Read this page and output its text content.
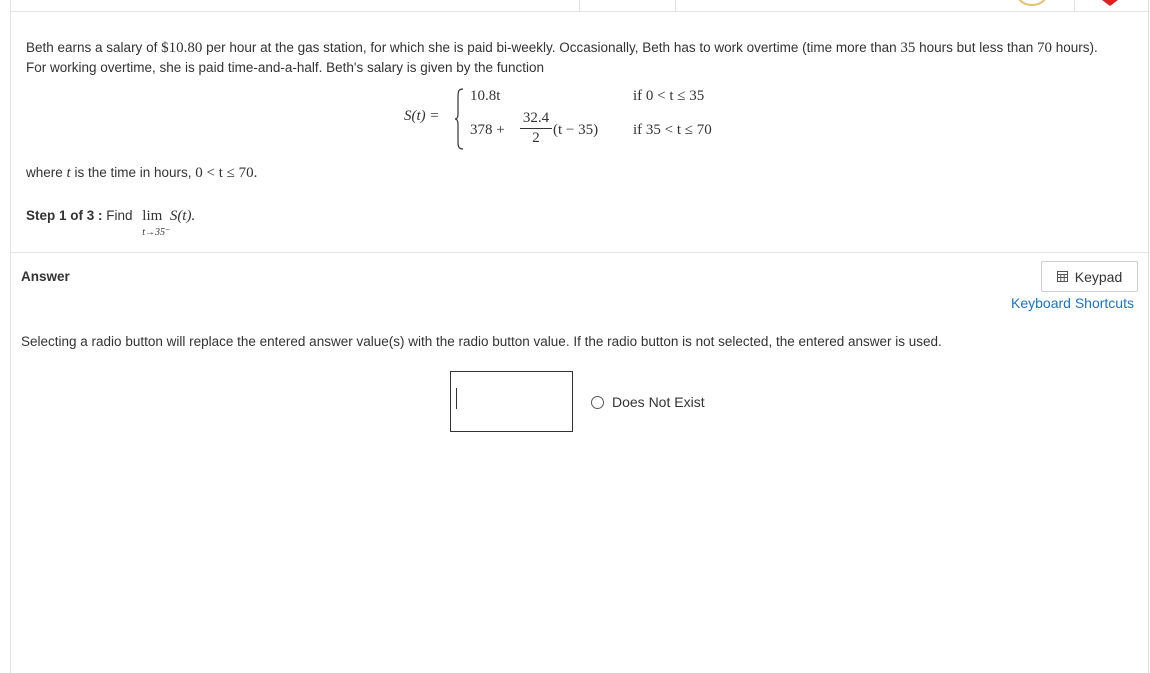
Beth earns a salary of $10.80 per hour at the gas station, for which she is paid bi-weekly. Occasionally, Beth has to work overtime (time more than 35 hours but less than 70 hours). For working overtime, she is paid time-and-a-half. Beth's salary is given by the function
S(t) =
10.8t
378 +
32.4
2 (t − 35)
if 0 < t ≤ 35
if 35 < t ≤ 70
where t is the time in hours, 0 < t ≤ 70.
Step 1 of 3 : Find lim
t→35⁻
S(t).
Answer	Keypad
Keyboard Shortcuts
Selecting a radio button will replace the entered answer value(s) with the radio button value. If the radio button is not selected, the entered answer is used.
Does Not Exist
